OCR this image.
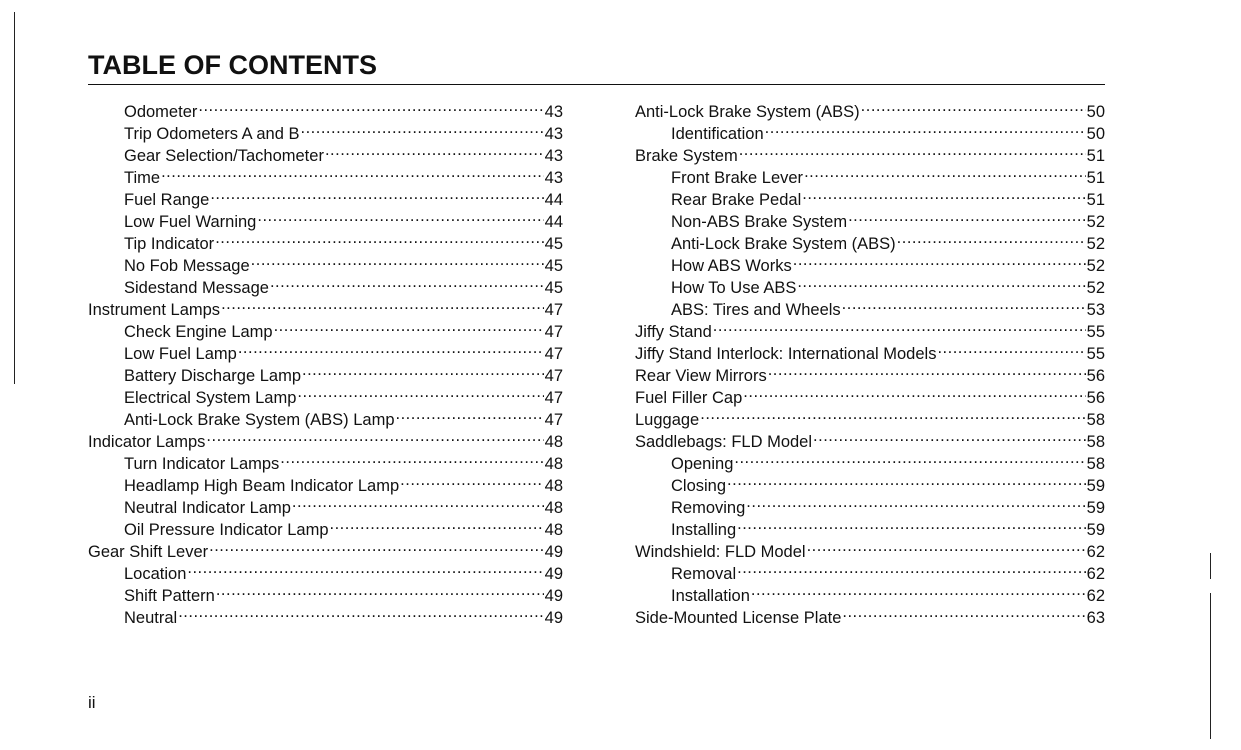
TABLE OF CONTENTS
Odometer .....	43
Trip Odometers A and B .....	43
Gear Selection/Tachometer .....	43
Time .....	43
Fuel Range .....	44
Low Fuel Warning .....	44
Tip Indicator .....	45
No Fob Message .....	45
Sidestand Message .....	45
Instrument Lamps .....	47
Check Engine Lamp .....	47
Low Fuel Lamp .....	47
Battery Discharge Lamp .....	47
Electrical System Lamp .....	47
Anti-Lock Brake System (ABS) Lamp .....	47
Indicator Lamps .....	48
Turn Indicator Lamps .....	48
Headlamp High Beam Indicator Lamp .....	48
Neutral Indicator Lamp .....	48
Oil Pressure Indicator Lamp .....	48
Gear Shift Lever .....	49
Location .....	49
Shift Pattern .....	49
Neutral .....	49
Anti-Lock Brake System (ABS) .....	50
Identification .....	50
Brake System .....	51
Front Brake Lever .....	51
Rear Brake Pedal .....	51
Non-ABS Brake System .....	52
Anti-Lock Brake System (ABS) .....	52
How ABS Works .....	52
How To Use ABS .....	52
ABS: Tires and Wheels .....	53
Jiffy Stand .....	55
Jiffy Stand Interlock: International Models .....	55
Rear View Mirrors .....	56
Fuel Filler Cap .....	56
Luggage .....	58
Saddlebags: FLD Model .....	58
Opening .....	58
Closing .....	59
Removing .....	59
Installing .....	59
Windshield: FLD Model .....	62
Removal .....	62
Installation .....	62
Side-Mounted License Plate .....	63
ii
